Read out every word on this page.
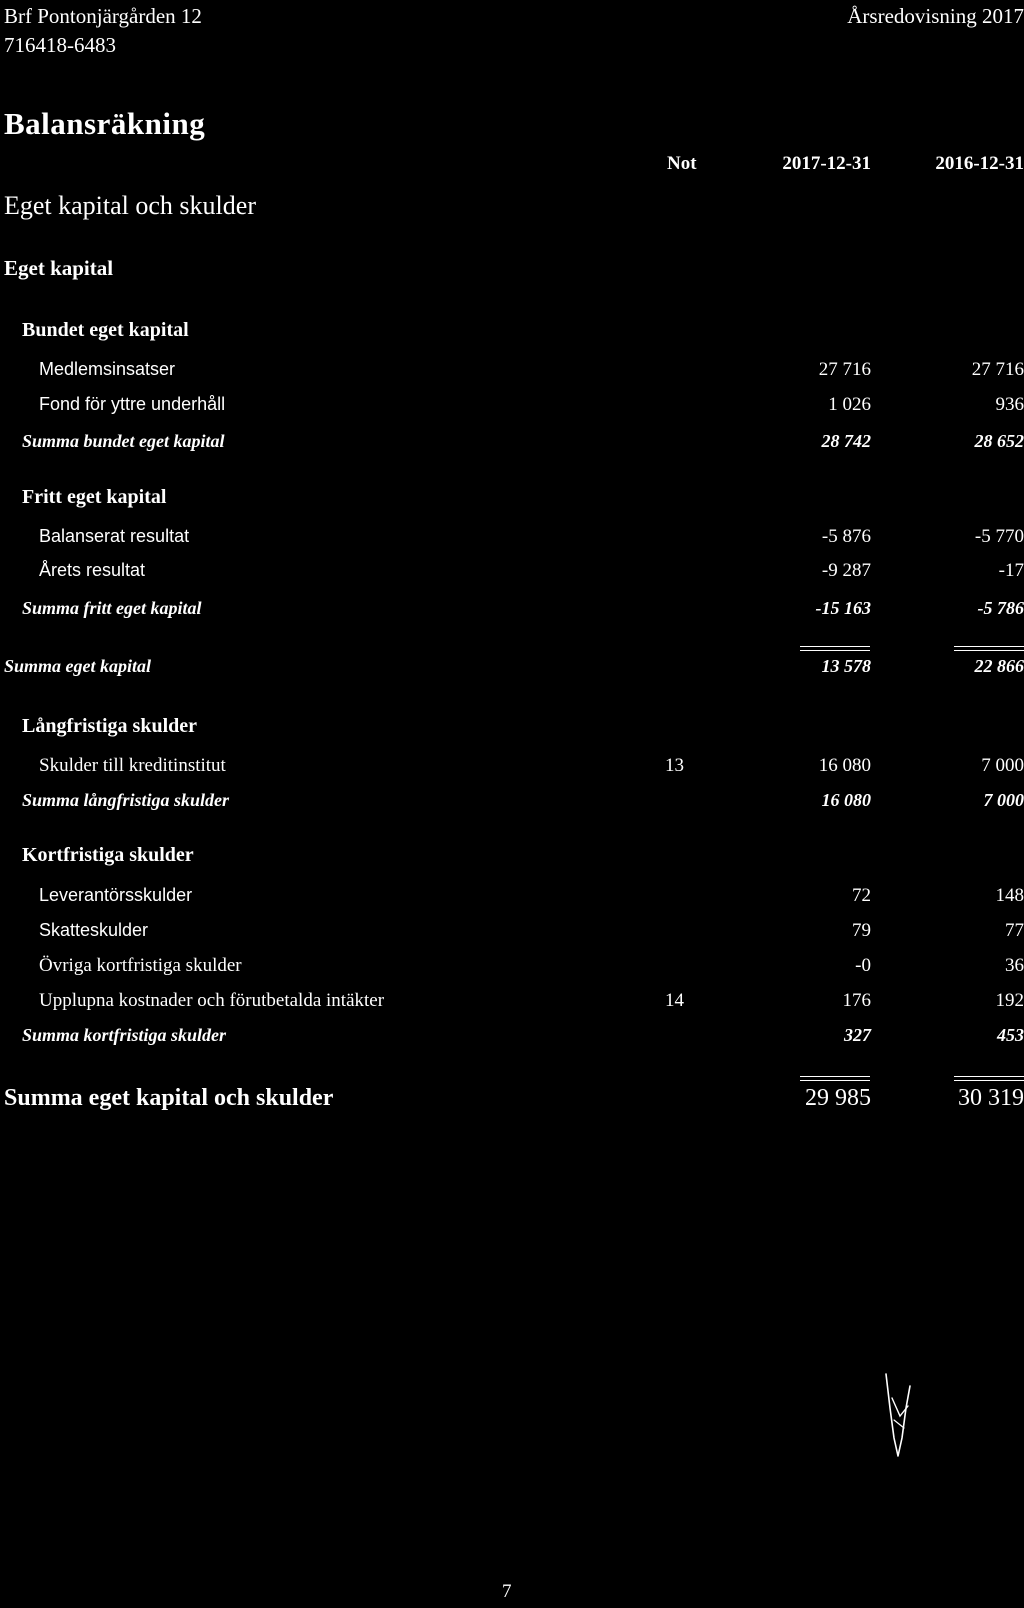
Brf Pontonjärgården 12
716418-6483
Årsredovisning 2017
Balansräkning
Not	2017-12-31	2016-12-31
Eget kapital och skulder
Eget kapital
Bundet eget kapital
Medlemsinsatser	27 716	27 716
Fond för yttre underhåll	1 026	936
Summa bundet eget kapital	28 742	28 652
Fritt eget kapital
Balanserat resultat	-5 876	-5 770
Årets resultat	-9 287	-17
Summa fritt eget kapital	-15 163	-5 786
Summa eget kapital	13 578	22 866
Långfristiga skulder
Skulder till kreditinstitut	13	16 080	7 000
Summa långfristiga skulder	16 080	7 000
Kortfristiga skulder
Leverantörsskulder	72	148
Skatteskulder	79	77
Övriga kortfristiga skulder	-0	36
Upplupna kostnader och förutbetalda intäkter	14	176	192
Summa kortfristiga skulder	327	453
Summa eget kapital och skulder	29 985	30 319
7
